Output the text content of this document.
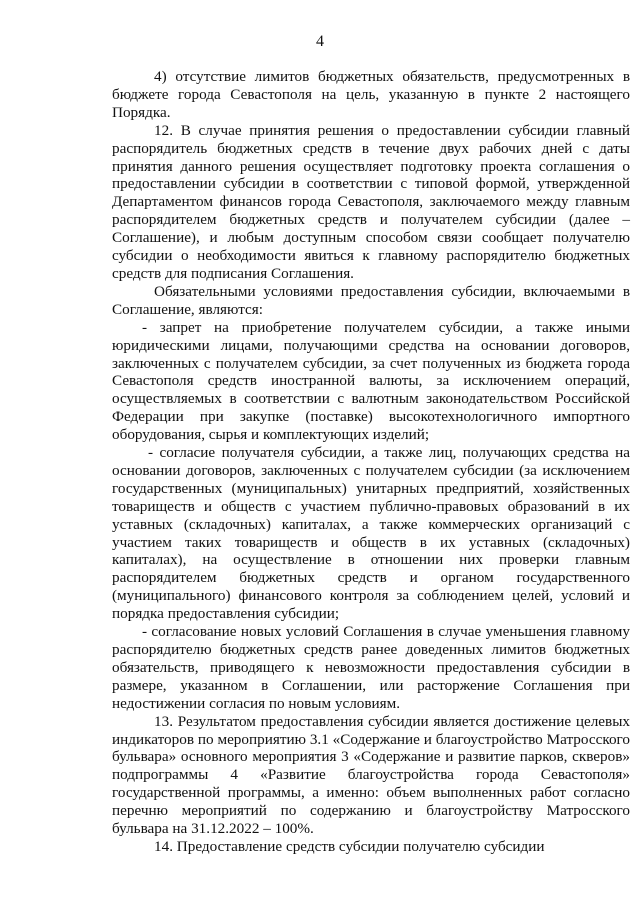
4

4) отсутствие лимитов бюджетных обязательств, предусмотренных в бюджете города Севастополя на цель, указанную в пункте 2 настоящего Порядка.

12. В случае принятия решения о предоставлении субсидии главный распорядитель бюджетных средств в течение двух рабочих дней с даты принятия данного решения осуществляет подготовку проекта соглашения о предоставлении субсидии в соответствии с типовой формой, утвержденной Департаментом финансов города Севастополя, заключаемого между главным распорядителем бюджетных средств и получателем субсидии (далее – Соглашение), и любым доступным способом связи сообщает получателю субсидии о необходимости явиться к главному распорядителю бюджетных средств для подписания Соглашения.

Обязательными условиями предоставления субсидии, включаемыми в Соглашение, являются:

- запрет на приобретение получателем субсидии, а также иными юридическими лицами, получающими средства на основании договоров, заключенных с получателем субсидии, за счет полученных из бюджета города Севастополя средств иностранной валюты, за исключением операций, осуществляемых в соответствии с валютным законодательством Российской Федерации при закупке (поставке) высокотехнологичного импортного оборудования, сырья и комплектующих изделий;

- согласие получателя субсидии, а также лиц, получающих средства на основании договоров, заключенных с получателем субсидии (за исключением государственных (муниципальных) унитарных предприятий, хозяйственных товариществ и обществ с участием публично-правовых образований в их уставных (складочных) капиталах, а также коммерческих организаций с участием таких товариществ и обществ в их уставных (складочных) капиталах), на осуществление в отношении них проверки главным распорядителем бюджетных средств и органом государственного (муниципального) финансового контроля за соблюдением целей, условий и порядка предоставления субсидии;

- согласование новых условий Соглашения в случае уменьшения главному распорядителю бюджетных средств ранее доведенных лимитов бюджетных обязательств, приводящего к невозможности предоставления субсидии в размере, указанном в Соглашении, или расторжение Соглашения при недостижении согласия по новым условиям.

13. Результатом предоставления субсидии является достижение целевых индикаторов по мероприятию 3.1 «Содержание и благоустройство Матросского бульвара» основного мероприятия 3 «Содержание и развитие парков, скверов» подпрограммы 4 «Развитие благоустройства города Севастополя» государственной программы, а именно: объем выполненных работ согласно перечню мероприятий по содержанию и благоустройству Матросского бульвара на 31.12.2022 – 100%.

14. Предоставление средств субсидии получателю субсидии
